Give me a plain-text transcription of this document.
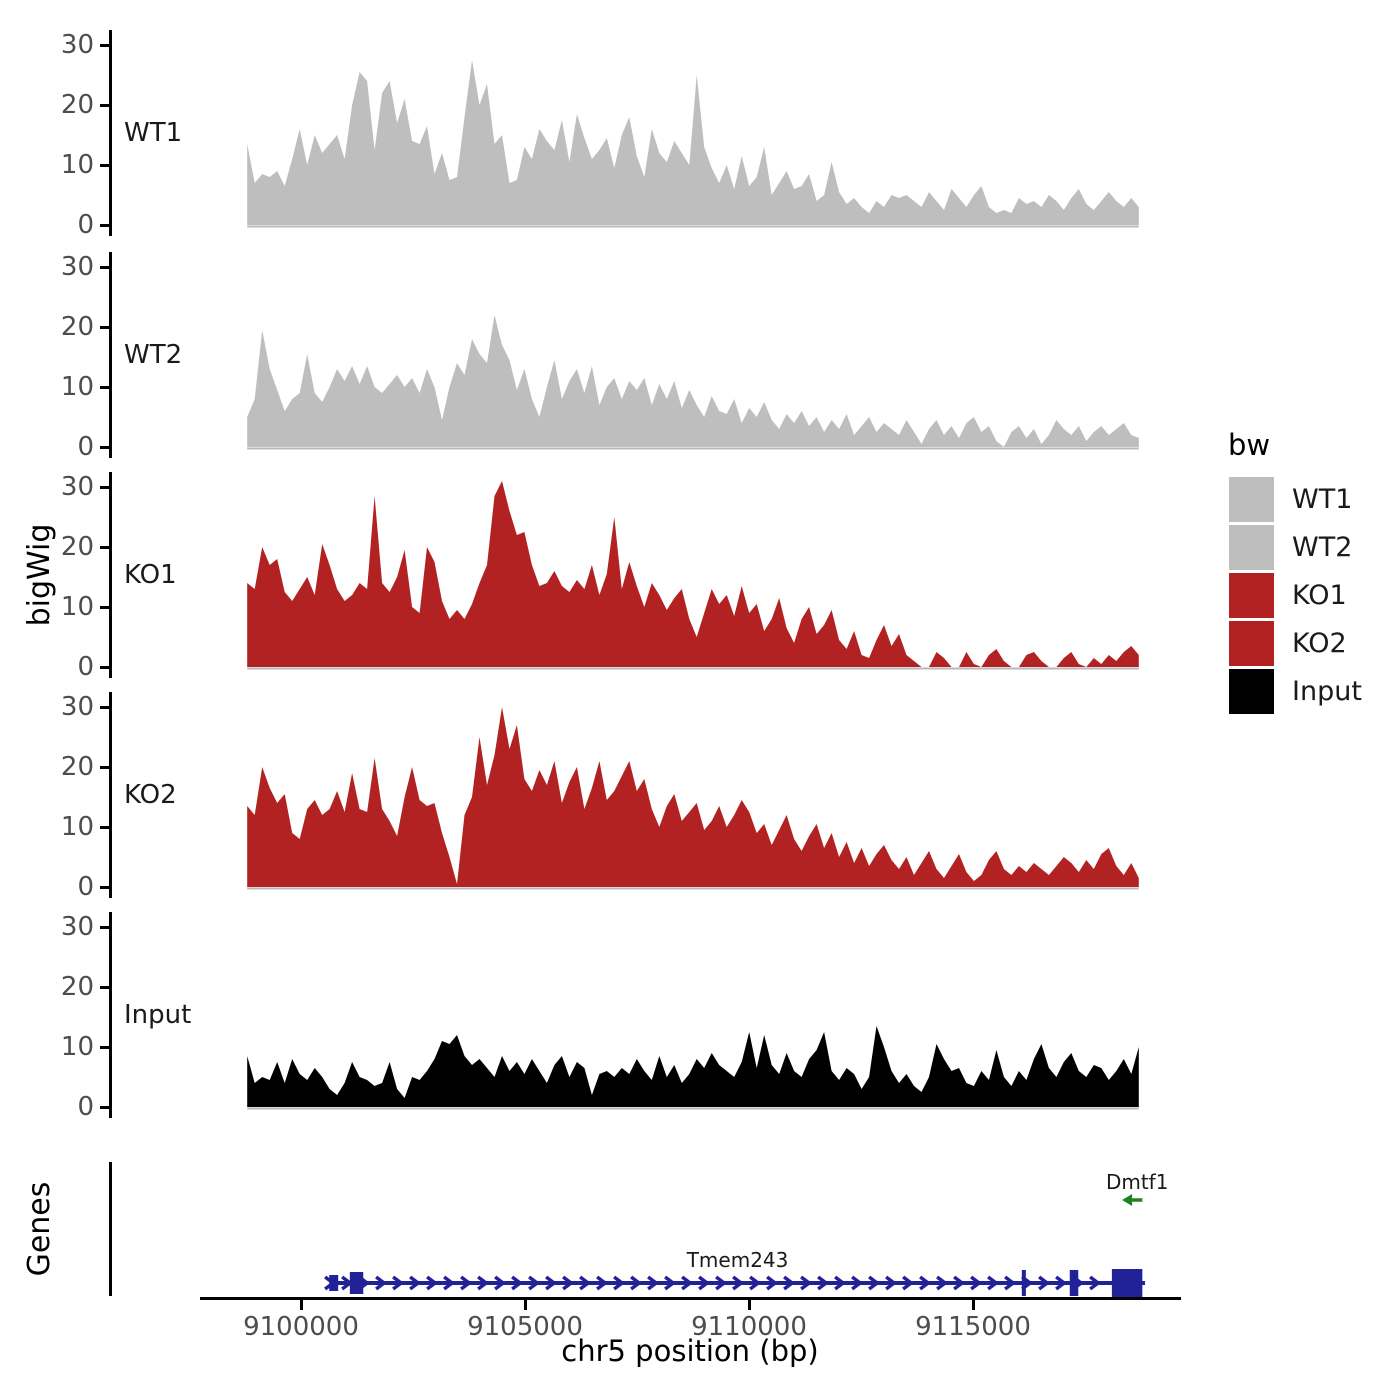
bigWig
Genes
0
10
20
30
WT1
0
10
20
30
WT2
0
10
20
30
KO1
0
10
20
30
KO2
0
10
20
30
Input
Tmem243
Dmtf1
9100000	9105000	9110000	9115000
chr5 position (bp)
bw
WT1
WT2
KO1
KO2
Input
